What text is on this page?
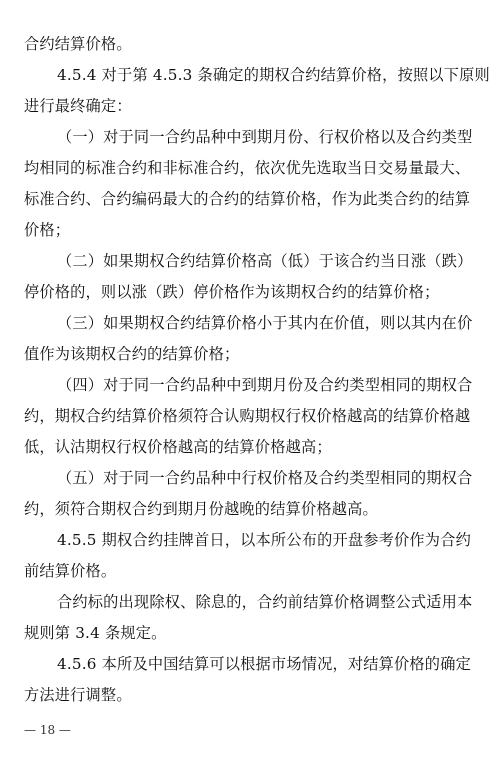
合约结算价格。
4.5.4 对于第 4.5.3 条确定的期权合约结算价格，按照以下原则
进行最终确定：
（一）对于同一合约品种中到期月份、行权价格以及合约类型
均相同的标准合约和非标准合约，依次优先选取当日交易量最大、
标准合约、合约编码最大的合约的结算价格，作为此类合约的结算
价格；
（二）如果期权合约结算价格高（低）于该合约当日涨（跌）
停价格的，则以涨（跌）停价格作为该期权合约的结算价格；
（三）如果期权合约结算价格小于其内在价值，则以其内在价
值作为该期权合约的结算价格；
（四）对于同一合约品种中到期月份及合约类型相同的期权合
约，期权合约结算价格须符合认购期权行权价格越高的结算价格越
低，认沽期权行权价格越高的结算价格越高；
（五）对于同一合约品种中行权价格及合约类型相同的期权合
约，须符合期权合约到期月份越晚的结算价格越高。
4.5.5 期权合约挂牌首日，以本所公布的开盘参考价作为合约
前结算价格。
合约标的出现除权、除息的，合约前结算价格调整公式适用本
规则第 3.4 条规定。
4.5.6 本所及中国结算可以根据市场情况，对结算价格的确定
方法进行调整。
— 18 —
